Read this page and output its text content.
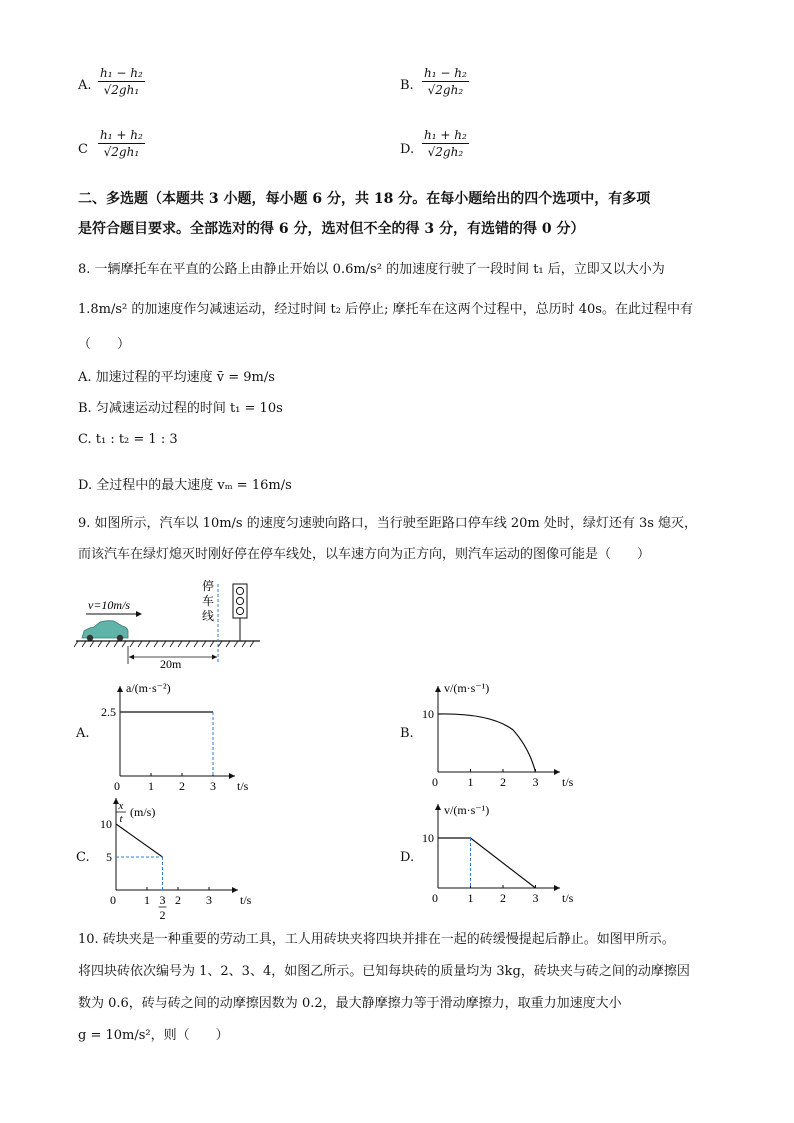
A. $\frac{\text{h₁ − h₂}}{\text{√2gh₁}}$	B. $\frac{\text{h₁ − h₂}}{\text{√2gh₂}}$
C $\frac{\text{h₁ + h₂}}{\text{√2gh₁}}$	D. $\frac{\text{h₁ + h₂}}{\text{√2gh₂}}$
二、多选题（本题共 3 小题，每小题 6 分，共 18 分。在每小题给出的四个选项中，有多项
是符合题目要求。全部选对的得 6 分，选对但不全的得 3 分，有选错的得 0 分）
8. 一辆摩托车在平直的公路上由静止开始以 0.6m/s² 的加速度行驶了一段时间 t₁ 后，立即又以大小为
1.8m/s² 的加速度作匀减速运动，经过时间 t₂ 后停止; 摩托车在这两个过程中，总历时 40s。在此过程中有
（　　）
A. 加速过程的平均速度 v̄ = 9m/s
B. 匀减速运动过程的时间 t₁ = 10s
C. t₁ : t₂ = 1 : 3
D. 全过程中的最大速度 vₘ = 16m/s
9. 如图所示，汽车以 10m/s 的速度匀速驶向路口，当行驶至距路口停车线 20m 处时，绿灯还有 3s 熄灭，
而该汽车在绿灯熄灭时刚好停在停车线处，以车速方向为正方向，则汽车运动的图像可能是（　　）
v=10m/s
停
车
线
20m
A.	B.
C.	D.
a/(m·s⁻²)
t/s
0 1 2 3
2.5
v/(m·s⁻¹)
t/s
0 1 2 3
10
x
t (m/s)
t/s
0 1 3
2
2 3
10
5
v/(m·s⁻¹)
t/s
0 1 2 3
10
10. 砖块夹是一种重要的劳动工具，工人用砖块夹将四块并排在一起的砖缓慢提起后静止。如图甲所示。
将四块砖依次编号为 1、2、3、4，如图乙所示。已知每块砖的质量均为 3kg，砖块夹与砖之间的动摩擦因
数为 0.6，砖与砖之间的动摩擦因数为 0.2，最大静摩擦力等于滑动摩擦力，取重力加速度大小
g = 10m/s²，则（　　）
